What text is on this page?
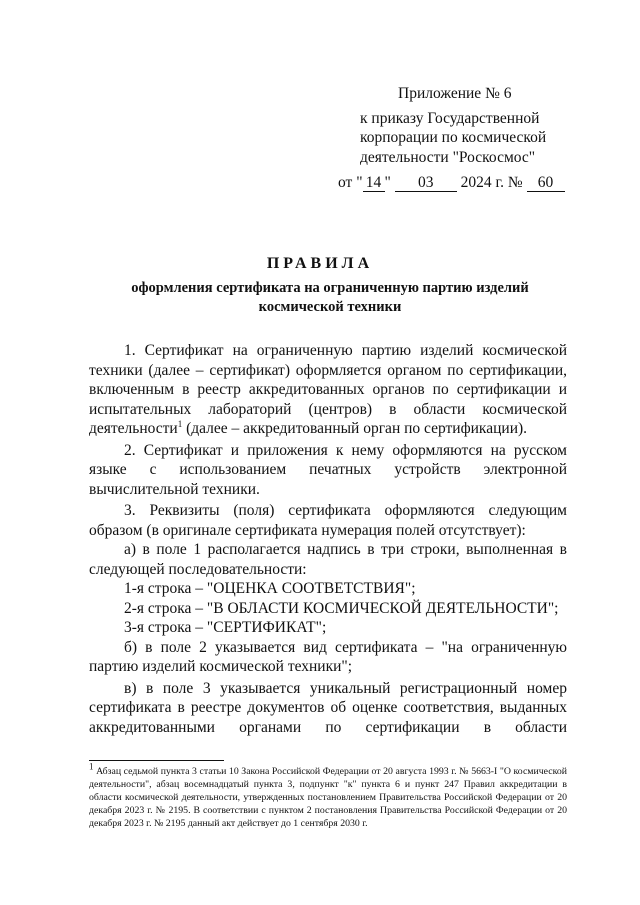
Приложение № 6
к приказу Государственной
корпорации по космической
деятельности "Роскосмос"
от " 14 " 03 2024 г. № 60
ПРАВИЛА
оформления сертификата на ограниченную партию изделий
космической техники

1. Сертификат на ограниченную партию изделий космической техники (далее – сертификат) оформляется органом по сертификации, включенным в реестр аккредитованных органов по сертификации и испытательных лабораторий (центров) в области космической деятельности$^1$ (далее – аккредитованный орган по сертификации).

2. Сертификат и приложения к нему оформляются на русском языке с использованием печатных устройств электронной вычислительной техники.

3. Реквизиты (поля) сертификата оформляются следующим образом (в оригинале сертификата нумерация полей отсутствует):

а) в поле 1 располагается надпись в три строки, выполненная в следующей последовательности:

1-я строка – "ОЦЕНКА СООТВЕТСТВИЯ";

2-я строка – "В ОБЛАСТИ КОСМИЧЕСКОЙ ДЕЯТЕЛЬНОСТИ";

3-я строка – "СЕРТИФИКАТ";

б) в поле 2 указывается вид сертификата – "на ограниченную партию изделий космической техники";

в) в поле 3 указывается уникальный регистрационный номер сертификата в реестре документов об оценке соответствия, выданных аккредитованными органами по сертификации в области

$^1$ Абзац седьмой пункта 3 статьи 10 Закона Российской Федерации от 20 августа 1993 г. № 5663-I "О космической деятельности", абзац восемнадцатый пункта 3, подпункт "к" пункта 6 и пункт 247 Правил аккредитации в области космической деятельности, утвержденных постановлением Правительства Российской Федерации от 20 декабря 2023 г. № 2195. В соответствии с пунктом 2 постановления Правительства Российской Федерации от 20 декабря 2023 г. № 2195 данный акт действует до 1 сентября 2030 г.
